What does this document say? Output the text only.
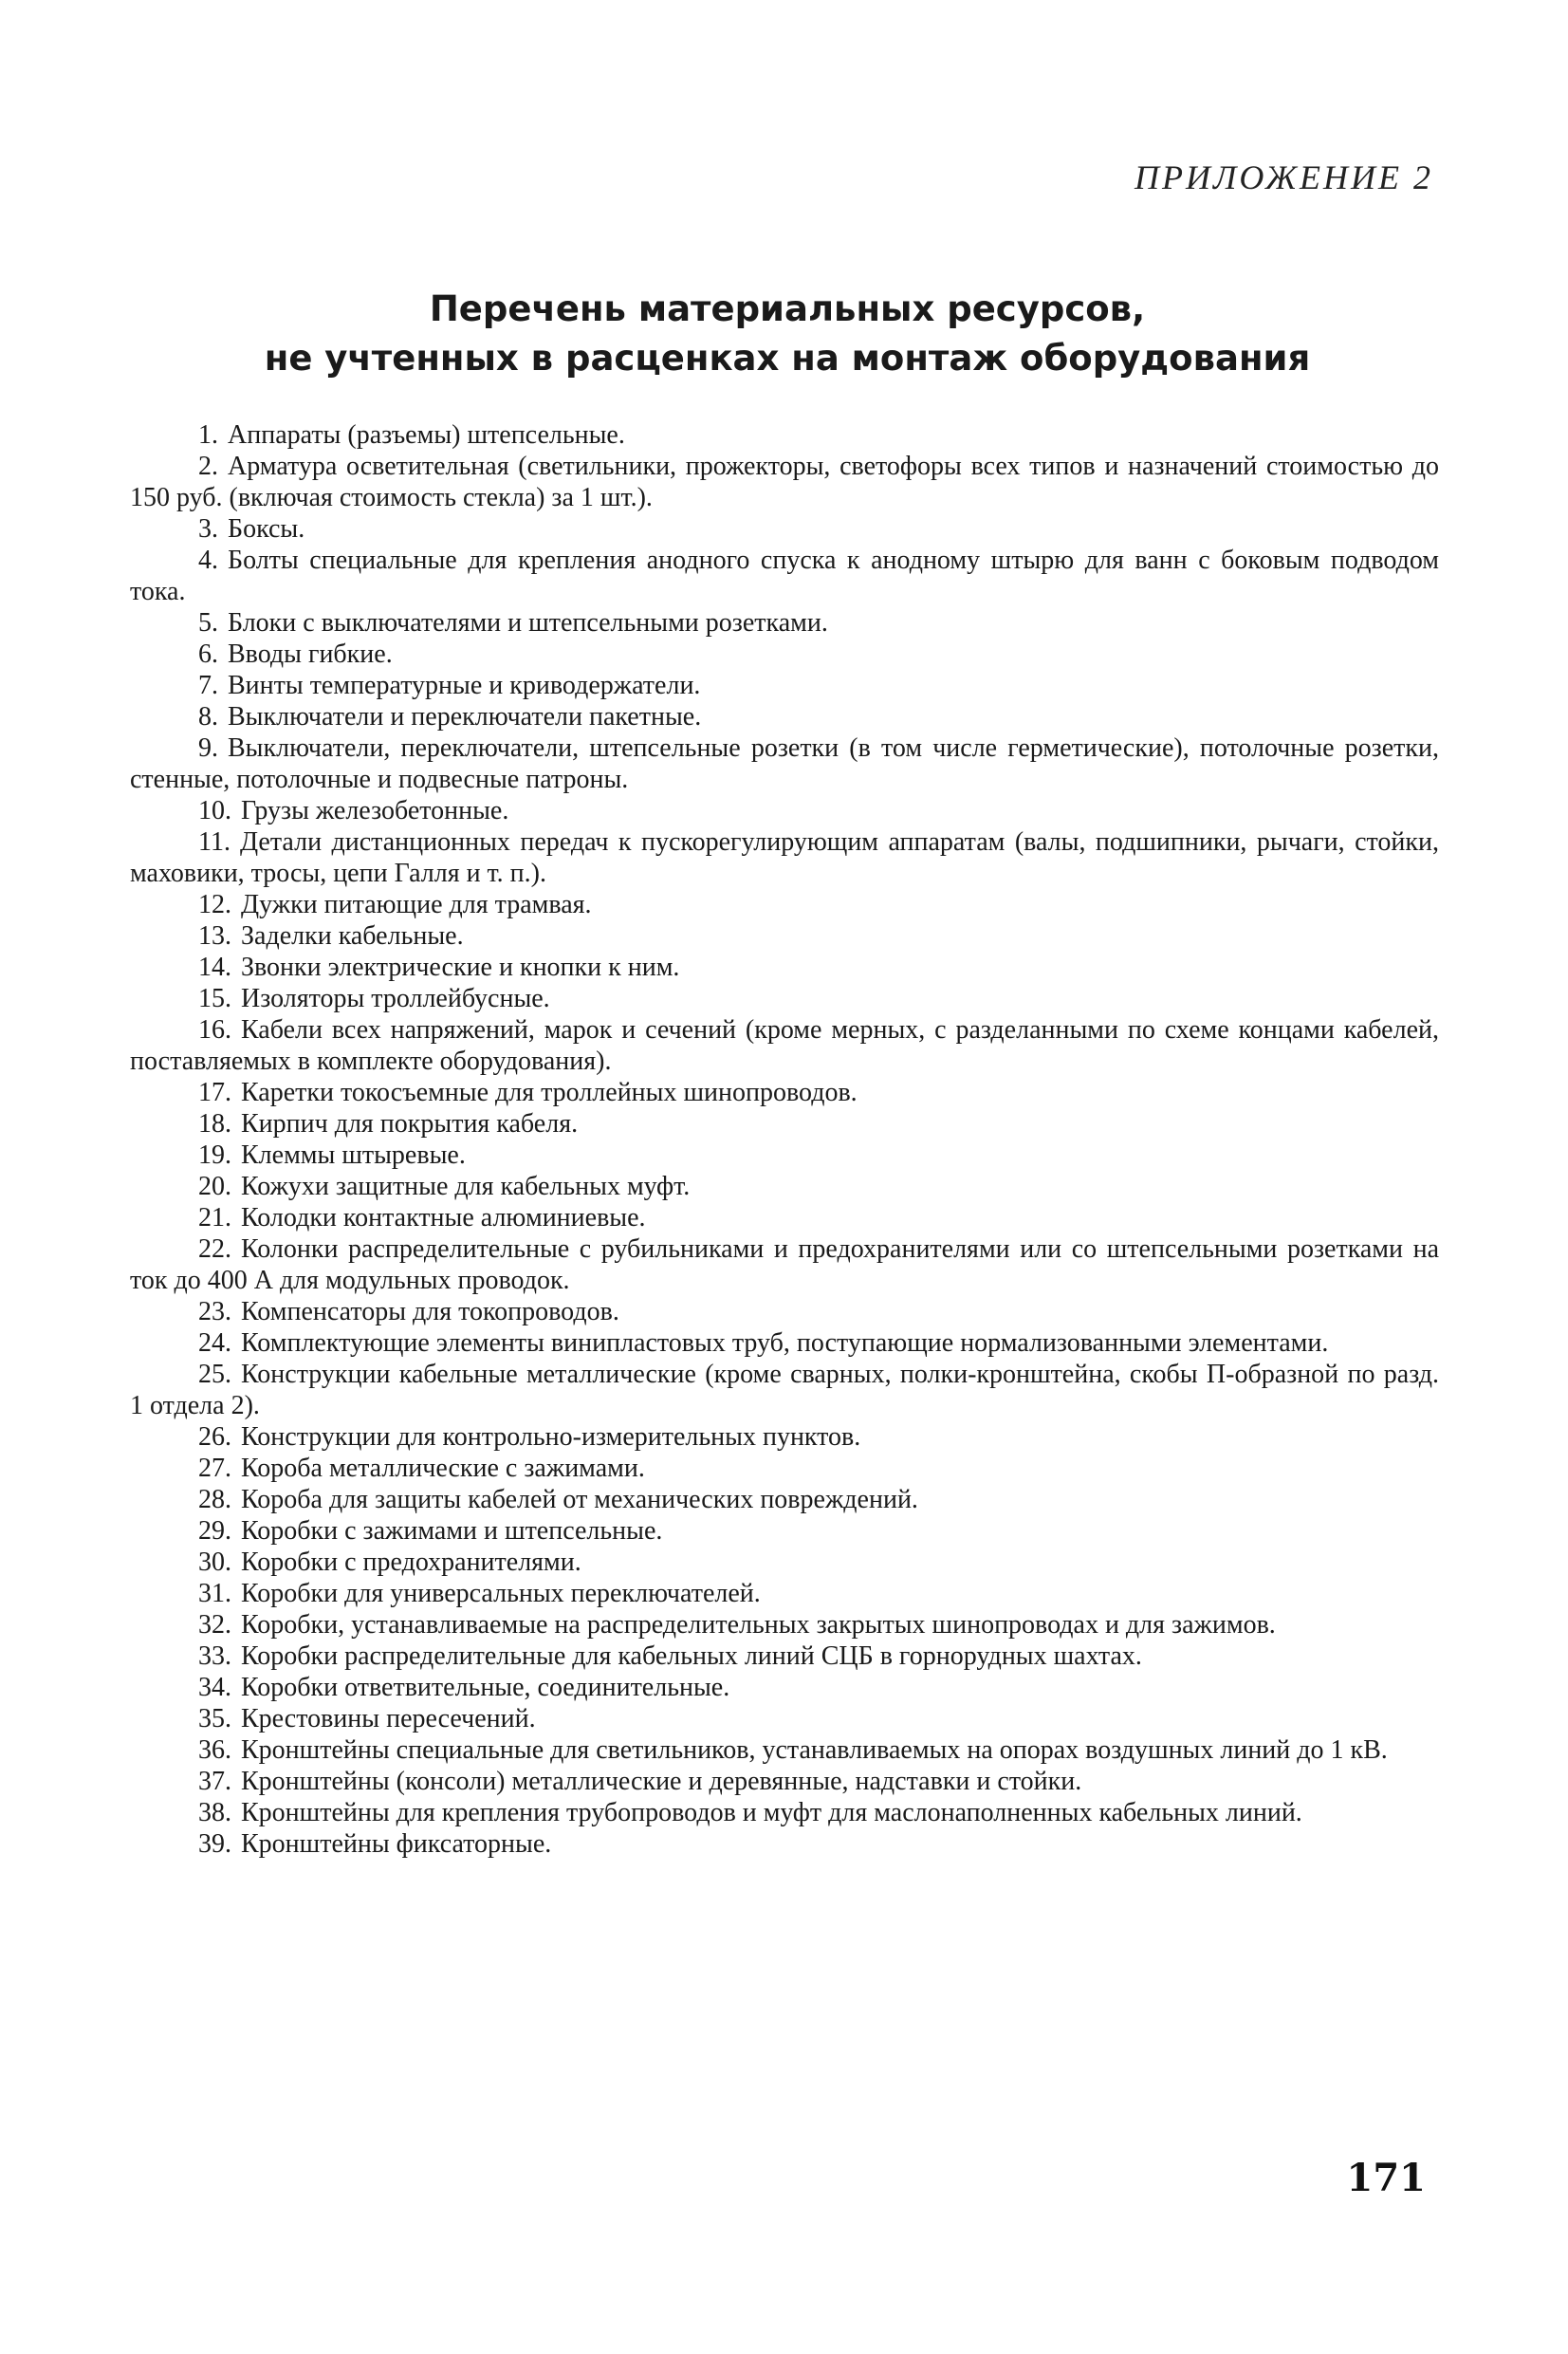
ПРИЛОЖЕНИЕ 2
Перечень материальных ресурсов,
не учтенных в расценках на монтаж оборудования
1. Аппараты (разъемы) штепсельные.
2. Арматура осветительная (светильники, прожекторы, светофоры всех типов и назначений стоимостью до 150 руб. (включая стоимость стекла) за 1 шт.).
3. Боксы.
4. Болты специальные для крепления анодного спуска к анодному штырю для ванн с боковым подводом тока.
5. Блоки с выключателями и штепсельными розетками.
6. Вводы гибкие.
7. Винты температурные и криводержатели.
8. Выключатели и переключатели пакетные.
9. Выключатели, переключатели, штепсельные розетки (в том числе герметические), потолочные розетки, стенные, потолочные и подвесные патроны.
10. Грузы железобетонные.
11. Детали дистанционных передач к пускорегулирующим аппаратам (валы, подшипники, рычаги, стойки, маховики, тросы, цепи Галля и т. п.).
12. Дужки питающие для трамвая.
13. Заделки кабельные.
14. Звонки электрические и кнопки к ним.
15. Изоляторы троллейбусные.
16. Кабели всех напряжений, марок и сечений (кроме мерных, с разделанными по схеме концами кабелей, поставляемых в комплекте оборудования).
17. Каретки токосъемные для троллейных шинопроводов.
18. Кирпич для покрытия кабеля.
19. Клеммы штыревые.
20. Кожухи защитные для кабельных муфт.
21. Колодки контактные алюминиевые.
22. Колонки распределительные с рубильниками и предохранителями или со штепсельными розетками на ток до 400 А для модульных проводок.
23. Компенсаторы для токопроводов.
24. Комплектующие элементы винипластовых труб, поступающие нормализованными элементами.
25. Конструкции кабельные металлические (кроме сварных, полки-кронштейна, скобы П-образной по разд. 1 отдела 2).
26. Конструкции для контрольно-измерительных пунктов.
27. Короба металлические с зажимами.
28. Короба для защиты кабелей от механических повреждений.
29. Коробки с зажимами и штепсельные.
30. Коробки с предохранителями.
31. Коробки для универсальных переключателей.
32. Коробки, устанавливаемые на распределительных закрытых шинопроводах и для зажимов.
33. Коробки распределительные для кабельных линий СЦБ в горнорудных шахтах.
34. Коробки ответвительные, соединительные.
35. Крестовины пересечений.
36. Кронштейны специальные для светильников, устанавливаемых на опорах воздушных линий до 1 кВ.
37. Кронштейны (консоли) металлические и деревянные, надставки и стойки.
38. Кронштейны для крепления трубопроводов и муфт для маслонаполненных кабельных линий.
39. Кронштейны фиксаторные.
171
